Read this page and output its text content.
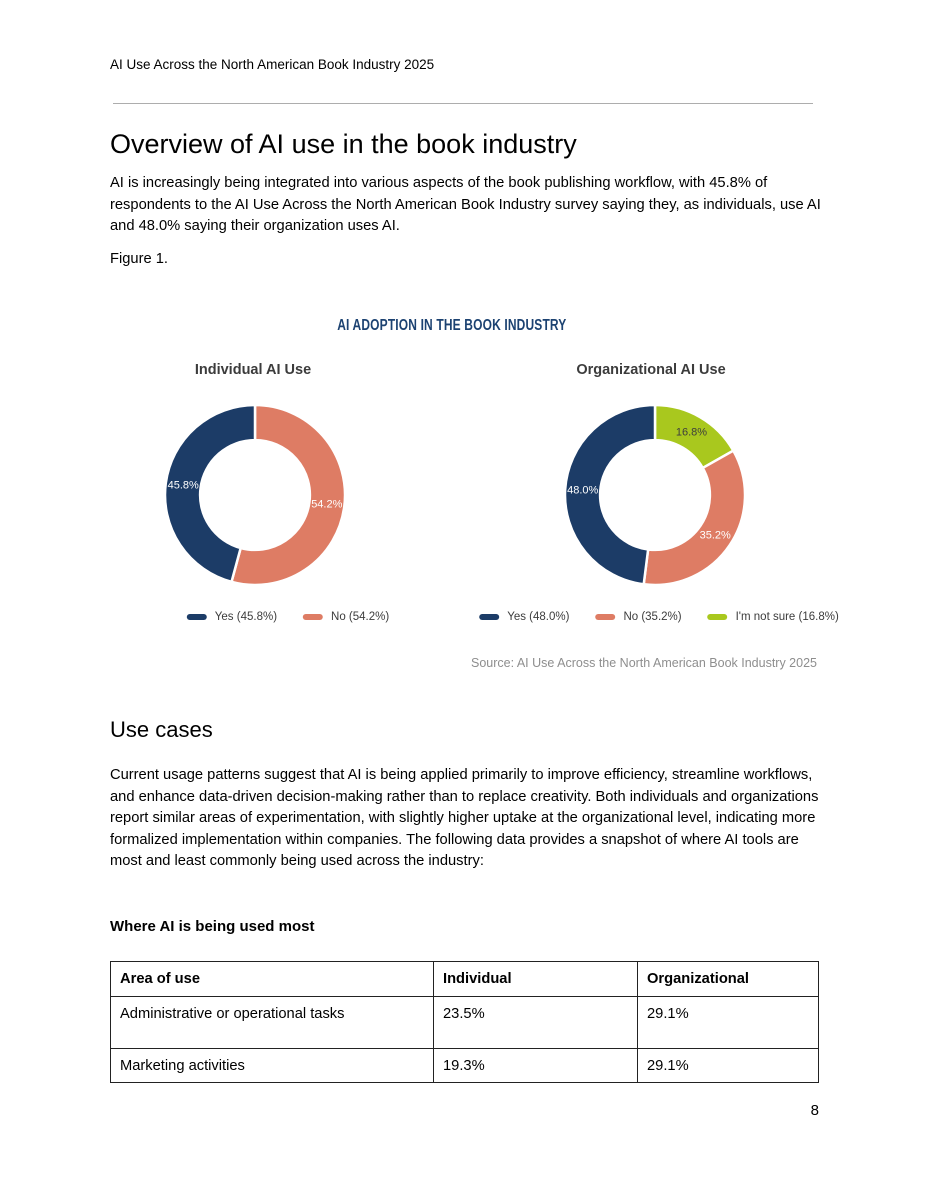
AI Use Across the North American Book Industry 2025
Overview of AI use in the book industry
AI is increasingly being integrated into various aspects of the book publishing workflow, with 45.8% of respondents to the AI Use Across the North American Book Industry survey saying they, as individuals, use AI and 48.0% saying their organization uses AI.
Figure 1.
AI ADOPTION IN THE BOOK INDUSTRY
Individual AI Use	Organizational AI Use
45.8%
54.2%
48.0%
35.2%
16.8%
Yes (45.8%)	No (54.2%)	Yes (48.0%)	No (35.2%)	I'm not sure (16.8%)
Source: AI Use Across the North American Book Industry 2025
Use cases
Current usage patterns suggest that AI is being applied primarily to improve efficiency, streamline workflows, and enhance data-driven decision-making rather than to replace creativity. Both individuals and organizations report similar areas of experimentation, with slightly higher uptake at the organizational level, indicating more formalized implementation within companies. The following data provides a snapshot of where AI tools are most and least commonly being used across the industry:
Where AI is being used most
Area of use	Individual	Organizational
Administrative or operational tasks	23.5%	29.1%
Marketing activities	19.3%	29.1%
8
